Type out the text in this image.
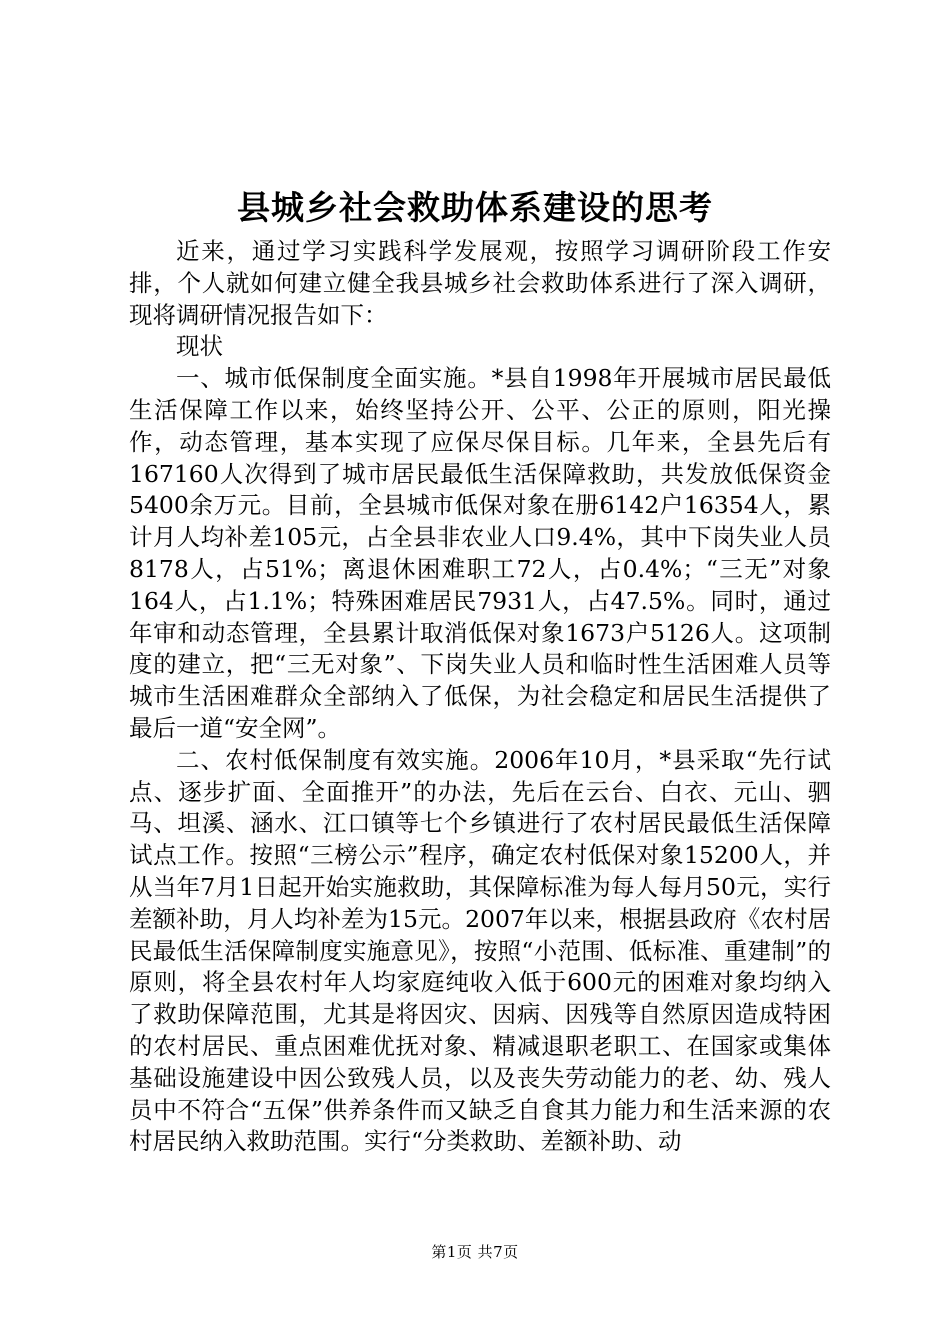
县城乡社会救助体系建设的思考

近来，通过学习实践科学发展观，按照学习调研阶段工作安排，个人就如何建立健全我县城乡社会救助体系进行了深入调研，现将调研情况报告如下：

现状

一、城市低保制度全面实施。*县自1998年开展城市居民最低生活保障工作以来，始终坚持公开、公平、公正的原则，阳光操作，动态管理，基本实现了应保尽保目标。几年来，全县先后有167160人次得到了城市居民最低生活保障救助，共发放低保资金5400余万元。目前，全县城市低保对象在册6142户16354人，累计月人均补差105元，占全县非农业人口9.4%，其中下岗失业人员8178人，占51%；离退休困难职工72人，占0.4%；“三无”对象164人，占1.1%；特殊困难居民7931人，占47.5%。同时，通过年审和动态管理，全县累计取消低保对象1673户5126人。这项制度的建立，把“三无对象”、下岗失业人员和临时性生活困难人员等城市生活困难群众全部纳入了低保，为社会稳定和居民生活提供了最后一道“安全网”。

二、农村低保制度有效实施。2006年10月，*县采取“先行试点、逐步扩面、全面推开”的办法，先后在云台、白衣、元山、驷马、坦溪、涵水、江口镇等七个乡镇进行了农村居民最低生活保障试点工作。按照“三榜公示”程序，确定农村低保对象15200人，并从当年7月1日起开始实施救助，其保障标准为每人每月50元，实行差额补助，月人均补差为15元。2007年以来，根据县政府《农村居民最低生活保障制度实施意见》，按照“小范围、低标准、重建制”的原则，将全县农村年人均家庭纯收入低于600元的困难对象均纳入了救助保障范围，尤其是将因灾、因病、因残等自然原因造成特困的农村居民、重点困难优抚对象、精减退职老职工、在国家或集体基础设施建设中因公致残人员，以及丧失劳动能力的老、幼、残人员中不符合“五保”供养条件而又缺乏自食其力能力和生活来源的农村居民纳入救助范围。实行“分类救助、差额补助、动

第1页 共7页
